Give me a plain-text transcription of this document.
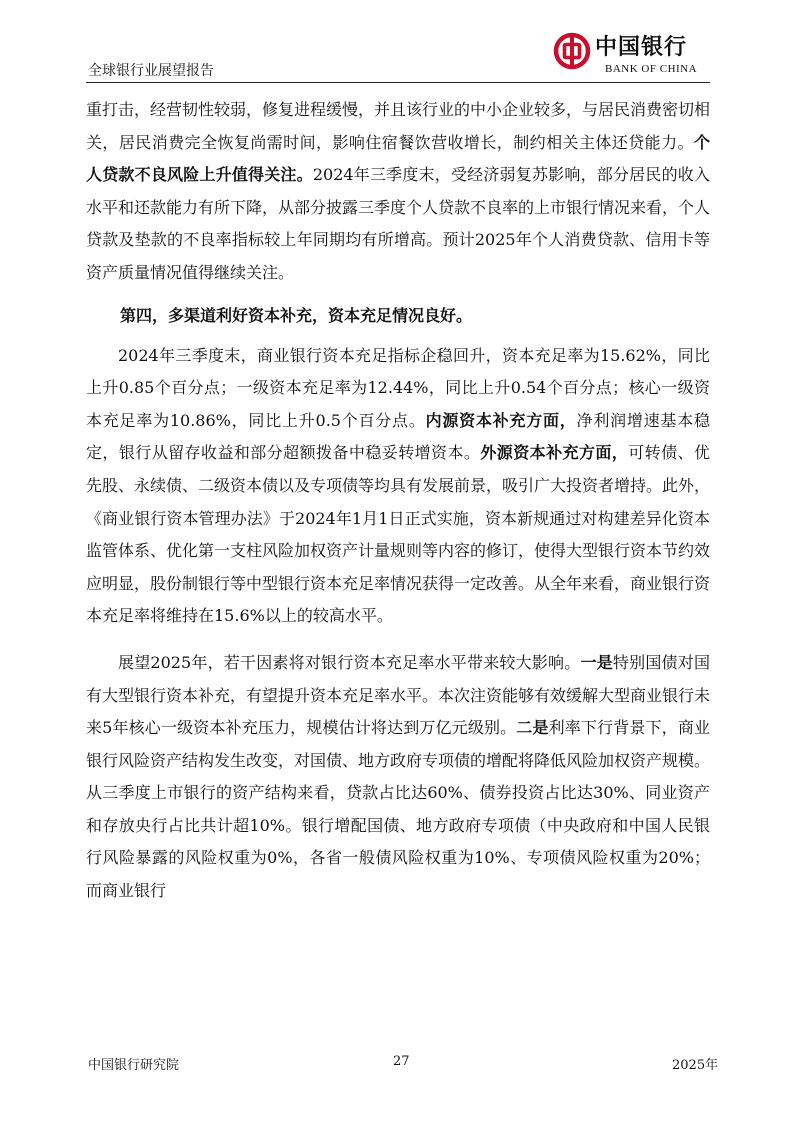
全球银行业展望报告
中国银行
BANK OF CHINA

重打击，经营韧性较弱，修复进程缓慢，并且该行业的中小企业较多，与居民消费密切相关，居民消费完全恢复尚需时间，影响住宿餐饮营收增长，制约相关主体还贷能力。个人贷款不良风险上升值得关注。2024年三季度末，受经济弱复苏影响，部分居民的收入水平和还款能力有所下降，从部分披露三季度个人贷款不良率的上市银行情况来看，个人贷款及垫款的不良率指标较上年同期均有所增高。预计2025年个人消费贷款、信用卡等资产质量情况值得继续关注。

第四，多渠道利好资本补充，资本充足情况良好。

2024年三季度末，商业银行资本充足指标企稳回升，资本充足率为15.62%，同比上升0.85个百分点；一级资本充足率为12.44%，同比上升0.54个百分点；核心一级资本充足率为10.86%，同比上升0.5个百分点。内源资本补充方面，净利润增速基本稳定，银行从留存收益和部分超额拨备中稳妥转增资本。外源资本补充方面，可转债、优先股、永续债、二级资本债以及专项债等均具有发展前景，吸引广大投资者增持。此外，《商业银行资本管理办法》于2024年1月1日正式实施，资本新规通过对构建差异化资本监管体系、优化第一支柱风险加权资产计量规则等内容的修订，使得大型银行资本节约效应明显，股份制银行等中型银行资本充足率情况获得一定改善。从全年来看，商业银行资本充足率将维持在15.6%以上的较高水平。

展望2025年，若干因素将对银行资本充足率水平带来较大影响。一是特别国债对国有大型银行资本补充，有望提升资本充足率水平。本次注资能够有效缓解大型商业银行未来5年核心一级资本补充压力，规模估计将达到万亿元级别。二是利率下行背景下，商业银行风险资产结构发生改变，对国债、地方政府专项债的增配将降低风险加权资产规模。从三季度上市银行的资产结构来看，贷款占比达60%、债券投资占比达30%、同业资产和存放央行占比共计超10%。银行增配国债、地方政府专项债（中央政府和中国人民银行风险暴露的风险权重为0%，各省一般债风险权重为10%、专项债风险权重为20%；而商业银行

中国银行研究院	27	2025年
